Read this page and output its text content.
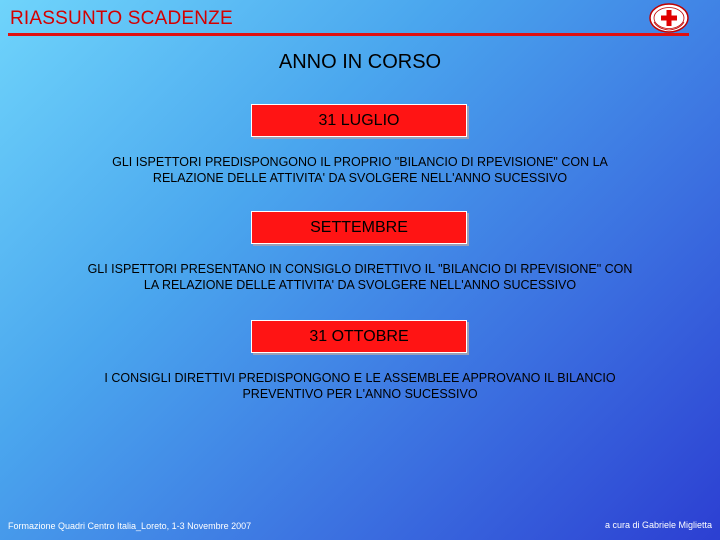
RIASSUNTO SCADENZE
ANNO IN CORSO
31 LUGLIO
GLI ISPETTORI PREDISPONGONO IL PROPRIO "BILANCIO DI RPEVISIONE" CON LA
RELAZIONE DELLE ATTIVITA' DA SVOLGERE NELL'ANNO SUCESSIVO
SETTEMBRE
GLI ISPETTORI PRESENTANO IN CONSIGLO DIRETTIVO IL "BILANCIO DI RPEVISIONE" CON
LA RELAZIONE DELLE ATTIVITA' DA SVOLGERE NELL'ANNO SUCESSIVO
31 OTTOBRE
I CONSIGLI DIRETTIVI PREDISPONGONO E LE ASSEMBLEE APPROVANO IL BILANCIO
PREVENTIVO PER L'ANNO SUCESSIVO
Formazione Quadri Centro Italia_Loreto, 1-3 Novembre 2007	a cura di Gabriele Miglietta
